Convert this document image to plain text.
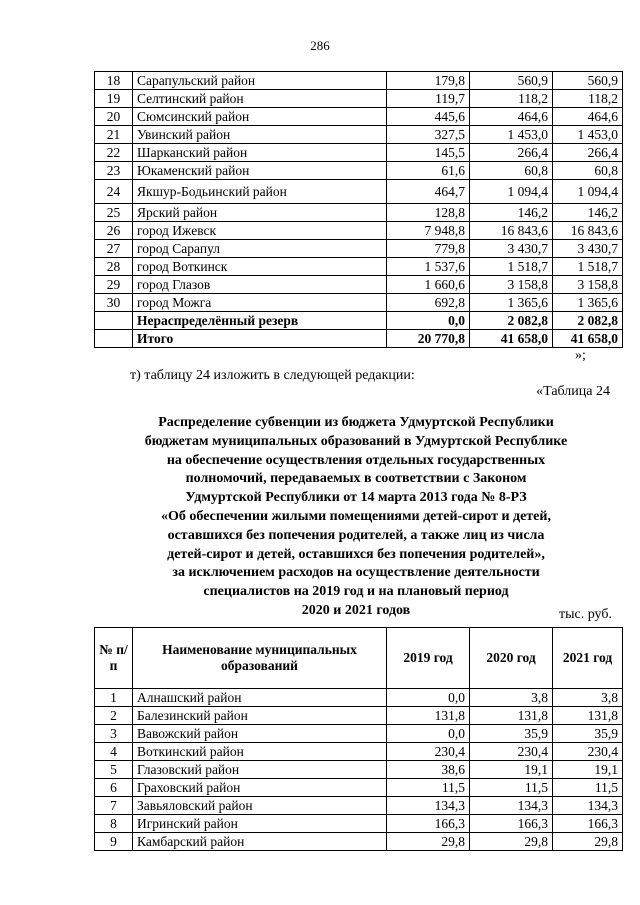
286
18	Сарапульский район	179,8	560,9	560,9
19	Селтинский район	119,7	118,2	118,2
20	Сюмсинский район	445,6	464,6	464,6
21	Увинский район	327,5	1 453,0	1 453,0
22	Шарканский район	145,5	266,4	266,4
23	Юкаменский район	61,6	60,8	60,8
24	Якшур-Бодьинский район	464,7	1 094,4	1 094,4
25	Ярский район	128,8	146,2	146,2
26	город Ижевск	7 948,8	16 843,6	16 843,6
27	город Сарапул	779,8	3 430,7	3 430,7
28	город Воткинск	1 537,6	1 518,7	1 518,7
29	город Глазов	1 660,6	3 158,8	3 158,8
30	город Можга	692,8	1 365,6	1 365,6
	Нераспределённый резерв	0,0	2 082,8	2 082,8
	Итого	20 770,8	41 658,0	41 658,0
»;
т) таблицу 24 изложить в следующей редакции:
«Таблица 24
Распределение субвенции из бюджета Удмуртской Республики
бюджетам муниципальных образований в Удмуртской Республике
на обеспечение осуществления отдельных государственных
полномочий, передаваемых в соответствии с Законом
Удмуртской Республики от 14 марта 2013 года № 8-РЗ
«Об обеспечении жилыми помещениями детей-сирот и детей,
оставшихся без попечения родителей, а также лиц из числа
детей-сирот и детей, оставшихся без попечения родителей»,
за исключением расходов на осуществление деятельности
специалистов на 2019 год и на плановый период
2020 и 2021 годов	тыс. руб.
№ п/п	Наименование муниципальных образований	2019 год	2020 год	2021 год
1	Алнашский район	0,0	3,8	3,8
2	Балезинский район	131,8	131,8	131,8
3	Вавожский район	0,0	35,9	35,9
4	Воткинский район	230,4	230,4	230,4
5	Глазовский район	38,6	19,1	19,1
6	Граховский район	11,5	11,5	11,5
7	Завьяловский район	134,3	134,3	134,3
8	Игринский район	166,3	166,3	166,3
9	Камбарский район	29,8	29,8	29,8
